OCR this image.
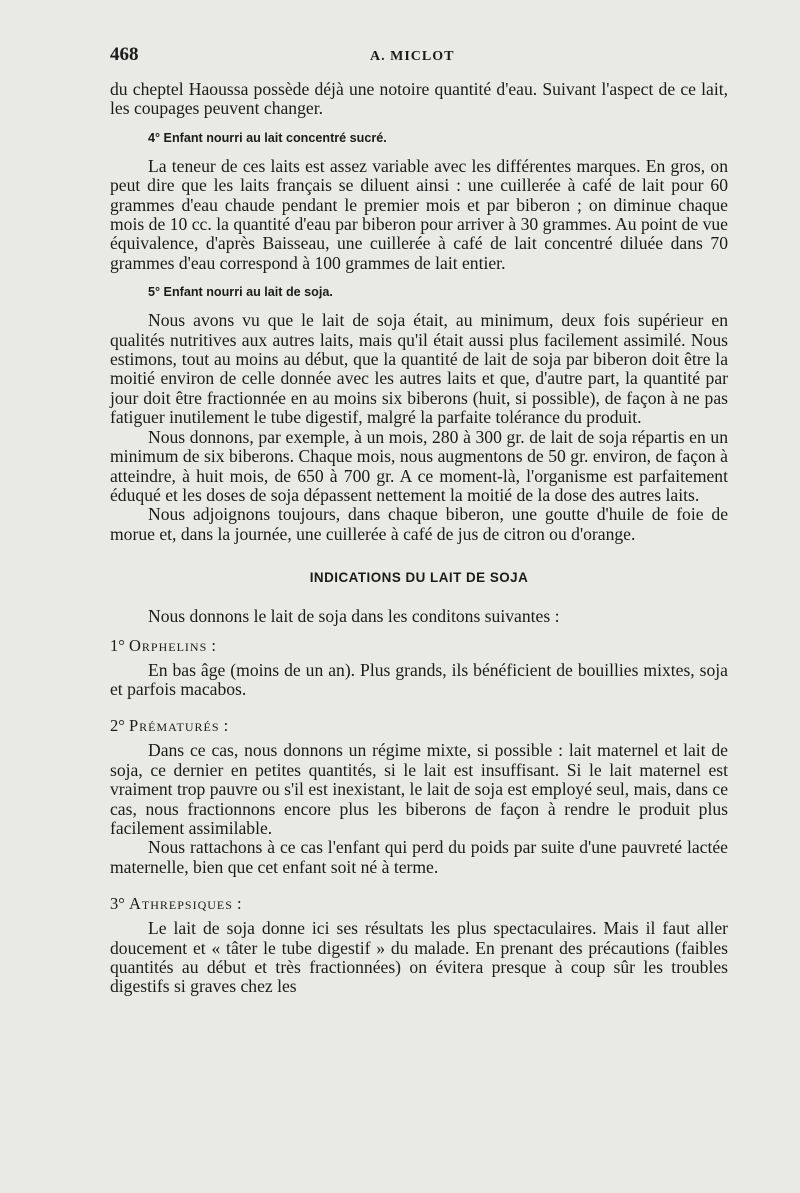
468	A. MICLOT

du cheptel Haoussa possède déjà une notoire quantité d'eau. Suivant l'aspect de ce lait, les coupages peuvent changer.

4° Enfant nourri au lait concentré sucré.

La teneur de ces laits est assez variable avec les différentes marques. En gros, on peut dire que les laits français se diluent ainsi : une cuillerée à café de lait pour 60 grammes d'eau chaude pendant le premier mois et par biberon ; on diminue chaque mois de 10 cc. la quantité d'eau par biberon pour arriver à 30 grammes. Au point de vue équivalence, d'après Baisseau, une cuillerée à café de lait concentré diluée dans 70 grammes d'eau correspond à 100 grammes de lait entier.

5° Enfant nourri au lait de soja.

Nous avons vu que le lait de soja était, au minimum, deux fois supérieur en qualités nutritives aux autres laits, mais qu'il était aussi plus facilement assimilé. Nous estimons, tout au moins au début, que la quantité de lait de soja par biberon doit être la moitié environ de celle donnée avec les autres laits et que, d'autre part, la quantité par jour doit être fractionnée en au moins six biberons (huit, si possible), de façon à ne pas fatiguer inutilement le tube digestif, malgré la parfaite tolérance du produit.

Nous donnons, par exemple, à un mois, 280 à 300 gr. de lait de soja répartis en un minimum de six biberons. Chaque mois, nous augmentons de 50 gr. environ, de façon à atteindre, à huit mois, de 650 à 700 gr. A ce moment-là, l'organisme est parfaitement éduqué et les doses de soja dépassent nettement la moitié de la dose des autres laits.

Nous adjoignons toujours, dans chaque biberon, une goutte d'huile de foie de morue et, dans la journée, une cuillerée à café de jus de citron ou d'orange.

INDICATIONS DU LAIT DE SOJA

Nous donnons le lait de soja dans les conditons suivantes :

1° Orphelins :

En bas âge (moins de un an). Plus grands, ils bénéficient de bouillies mixtes, soja et parfois macabos.

2° Prématurés :

Dans ce cas, nous donnons un régime mixte, si possible : lait maternel et lait de soja, ce dernier en petites quantités, si le lait est insuffisant. Si le lait maternel est vraiment trop pauvre ou s'il est inexistant, le lait de soja est employé seul, mais, dans ce cas, nous fractionnons encore plus les biberons de façon à rendre le produit plus facilement assimilable.

Nous rattachons à ce cas l'enfant qui perd du poids par suite d'une pauvreté lactée maternelle, bien que cet enfant soit né à terme.

3° Athrepsiques :

Le lait de soja donne ici ses résultats les plus spectaculaires. Mais il faut aller doucement et « tâter le tube digestif » du malade. En prenant des précautions (faibles quantités au début et très fractionnées) on évitera presque à coup sûr les troubles digestifs si graves chez les
